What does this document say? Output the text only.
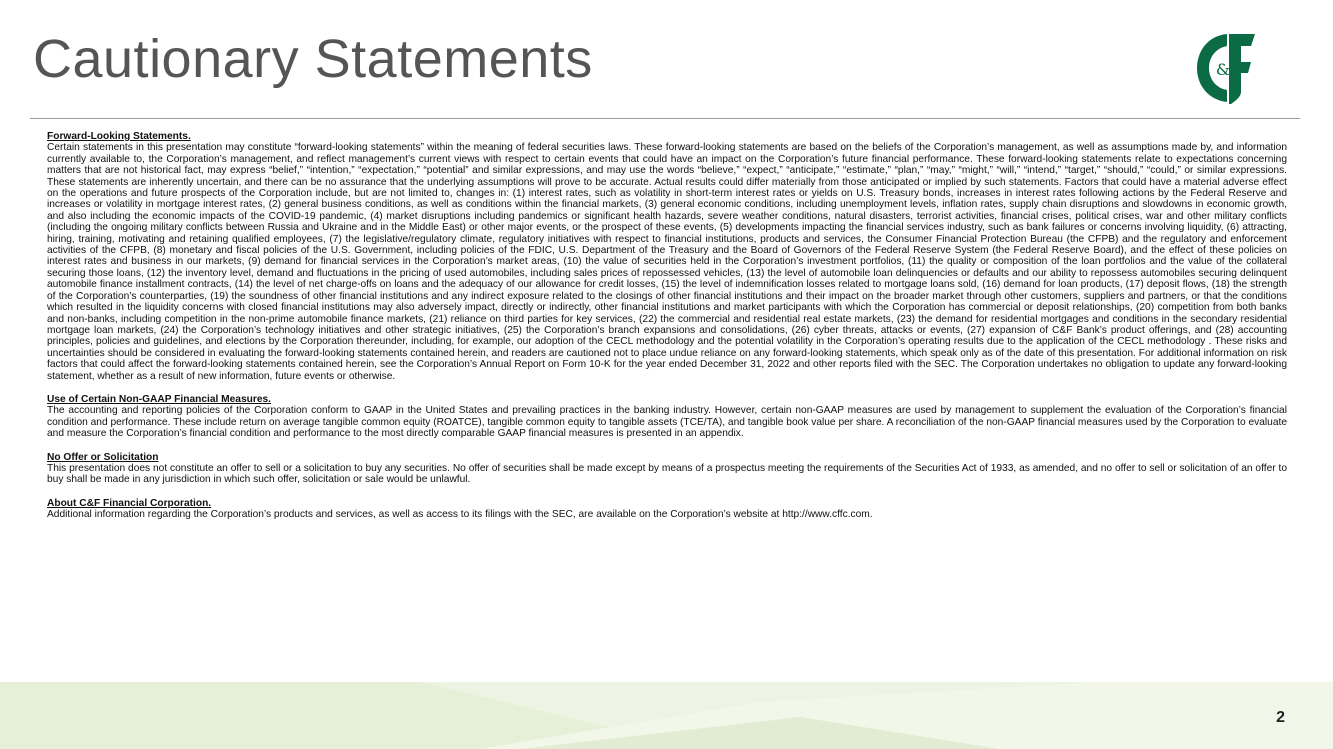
Cautionary Statements	&
Forward-Looking Statements.
Certain statements in this presentation may constitute “forward-looking statements” within the meaning of federal securities laws. These forward-looking statements are based on the beliefs of the Corporation’s management, as well as assumptions made by, and information currently available to, the Corporation’s management, and reflect management’s current views with respect to certain events that could have an impact on the Corporation’s future financial performance. These forward-looking statements relate to expectations concerning matters that are not historical fact, may express “belief,” “intention,” “expectation,” “potential” and similar expressions, and may use the words “believe,” “expect,” “anticipate,” “estimate,” “plan,” “may,” “might,” “will,” “intend,” “target,” “should,” “could,” or similar expressions. These statements are inherently uncertain, and there can be no assurance that the underlying assumptions will prove to be accurate. Actual results could differ materially from those anticipated or implied by such statements. Factors that could have a material adverse effect on the operations and future prospects of the Corporation include, but are not limited to, changes in: (1) interest rates, such as volatility in short-term interest rates or yields on U.S. Treasury bonds, increases in interest rates following actions by the Federal Reserve and increases or volatility in mortgage interest rates, (2) general business conditions, as well as conditions within the financial markets, (3) general economic conditions, including unemployment levels, inflation rates, supply chain disruptions and slowdowns in economic growth, and also including the economic impacts of the COVID-19 pandemic, (4) market disruptions including pandemics or significant health hazards, severe weather conditions, natural disasters, terrorist activities, financial crises, political crises, war and other military conflicts (including the ongoing military conflicts between Russia and Ukraine and in the Middle East) or other major events, or the prospect of these events, (5) developments impacting the financial services industry, such as bank failures or concerns involving liquidity, (6) attracting, hiring, training, motivating and retaining qualified employees, (7) the legislative/regulatory climate, regulatory initiatives with respect to financial institutions, products and services, the Consumer Financial Protection Bureau (the CFPB) and the regulatory and enforcement activities of the CFPB, (8) monetary and fiscal policies of the U.S. Government, including policies of the FDIC, U.S. Department of the Treasury and the Board of Governors of the Federal Reserve System (the Federal Reserve Board), and the effect of these policies on interest rates and business in our markets, (9) demand for financial services in the Corporation’s market areas, (10) the value of securities held in the Corporation’s investment portfolios, (11) the quality or composition of the loan portfolios and the value of the collateral securing those loans, (12) the inventory level, demand and fluctuations in the pricing of used automobiles, including sales prices of repossessed vehicles, (13) the level of automobile loan delinquencies or defaults and our ability to repossess automobiles securing delinquent automobile finance installment contracts, (14) the level of net charge-offs on loans and the adequacy of our allowance for credit losses, (15) the level of indemnification losses related to mortgage loans sold, (16) demand for loan products, (17) deposit flows, (18) the strength of the Corporation’s counterparties, (19) the soundness of other financial institutions and any indirect exposure related to the closings of other financial institutions and their impact on the broader market through other customers, suppliers and partners, or that the conditions which resulted in the liquidity concerns with closed financial institutions may also adversely impact, directly or indirectly, other financial institutions and market participants with which the Corporation has commercial or deposit relationships, (20) competition from both banks and non-banks, including competition in the non-prime automobile finance markets, (21) reliance on third parties for key services, (22) the commercial and residential real estate markets, (23) the demand for residential mortgages and conditions in the secondary residential mortgage loan markets, (24) the Corporation’s technology initiatives and other strategic initiatives, (25) the Corporation’s branch expansions and consolidations, (26) cyber threats, attacks or events, (27) expansion of C&F Bank’s product offerings, and (28) accounting principles, policies and guidelines, and elections by the Corporation thereunder, including, for example, our adoption of the CECL methodology and the potential volatility in the Corporation’s operating results due to the application of the CECL methodology . These risks and uncertainties should be considered in evaluating the forward-looking statements contained herein, and readers are cautioned not to place undue reliance on any forward-looking statements, which speak only as of the date of this presentation. For additional information on risk factors that could affect the forward-looking statements contained herein, see the Corporation’s Annual Report on Form 10-K for the year ended December 31, 2022 and other reports filed with the SEC. The Corporation undertakes no obligation to update any forward-looking statement, whether as a result of new information, future events or otherwise.
Use of Certain Non-GAAP Financial Measures.
The accounting and reporting policies of the Corporation conform to GAAP in the United States and prevailing practices in the banking industry. However, certain non-GAAP measures are used by management to supplement the evaluation of the Corporation’s financial condition and performance. These include return on average tangible common equity (ROATCE), tangible common equity to tangible assets (TCE/TA), and tangible book value per share. A reconciliation of the non-GAAP financial measures used by the Corporation to evaluate and measure the Corporation’s financial condition and performance to the most directly comparable GAAP financial measures is presented in an appendix.
No Offer or Solicitation
This presentation does not constitute an offer to sell or a solicitation to buy any securities. No offer of securities shall be made except by means of a prospectus meeting the requirements of the Securities Act of 1933, as amended, and no offer to sell or solicitation of an offer to buy shall be made in any jurisdiction in which such offer, solicitation or sale would be unlawful.
About C&F Financial Corporation.
Additional information regarding the Corporation’s products and services, as well as access to its filings with the SEC, are available on the Corporation’s website at http://www.cffc.com.
2
